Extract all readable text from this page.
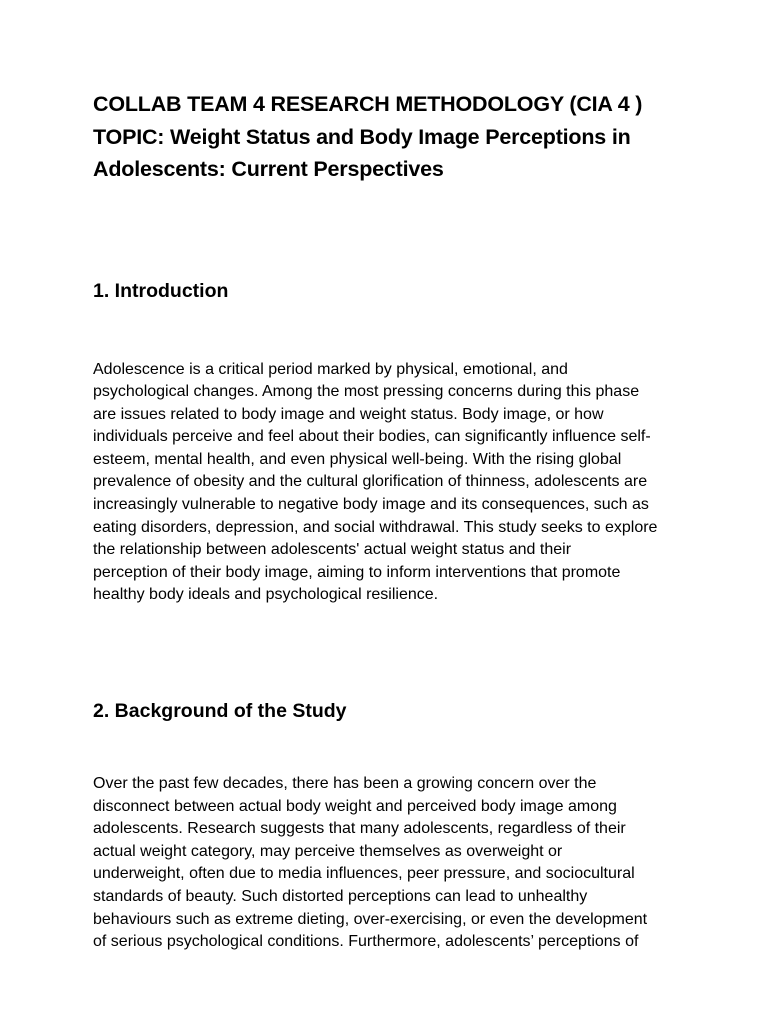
COLLAB TEAM 4 RESEARCH METHODOLOGY (CIA 4 )
TOPIC: Weight Status and Body Image Perceptions in
Adolescents: Current Perspectives
1. Introduction
Adolescence is a critical period marked by physical, emotional, and
psychological changes. Among the most pressing concerns during this phase
are issues related to body image and weight status. Body image, or how
individuals perceive and feel about their bodies, can significantly influence self-
esteem, mental health, and even physical well-being. With the rising global
prevalence of obesity and the cultural glorification of thinness, adolescents are
increasingly vulnerable to negative body image and its consequences, such as
eating disorders, depression, and social withdrawal. This study seeks to explore
the relationship between adolescents' actual weight status and their
perception of their body image, aiming to inform interventions that promote
healthy body ideals and psychological resilience.
2. Background of the Study
Over the past few decades, there has been a growing concern over the
disconnect between actual body weight and perceived body image among
adolescents. Research suggests that many adolescents, regardless of their
actual weight category, may perceive themselves as overweight or
underweight, often due to media influences, peer pressure, and sociocultural
standards of beauty. Such distorted perceptions can lead to unhealthy
behaviours such as extreme dieting, over-exercising, or even the development
of serious psychological conditions. Furthermore, adolescents’ perceptions of
